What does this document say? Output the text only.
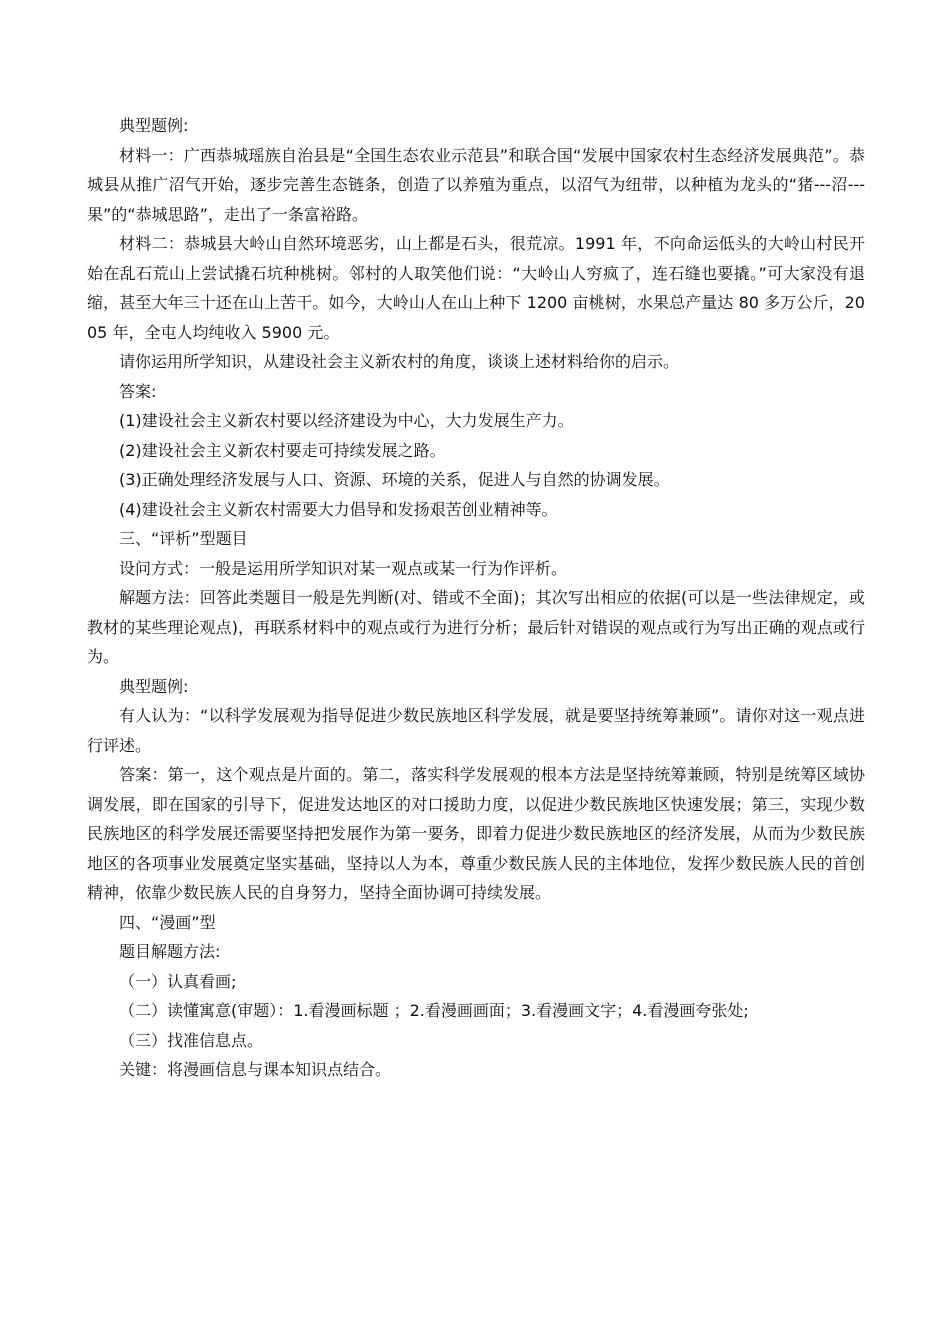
典型题例:

材料一：广西恭城瑶族自治县是“全国生态农业示范县”和联合国“发展中国家农村生态经济发展典范”。恭城县从推广沼气开始，逐步完善生态链条，创造了以养殖为重点，以沼气为纽带，以种植为龙头的“猪---沼---果”的“恭城思路”，走出了一条富裕路。

材料二：恭城县大岭山自然环境恶劣，山上都是石头，很荒凉。1991 年，不向命运低头的大岭山村民开始在乱石荒山上尝试撬石坑种桃树。邻村的人取笑他们说：“大岭山人穷疯了，连石缝也要撬。”可大家没有退缩，甚至大年三十还在山上苦干。如今，大岭山人在山上种下 1200 亩桃树，水果总产量达 80 多万公斤，2005 年，全屯人均纯收入 5900 元。

请你运用所学知识，从建设社会主义新农村的角度，谈谈上述材料给你的启示。

答案:

(1)建设社会主义新农村要以经济建设为中心，大力发展生产力。

(2)建设社会主义新农村要走可持续发展之路。

(3)正确处理经济发展与人口、资源、环境的关系，促进人与自然的协调发展。

(4)建设社会主义新农村需要大力倡导和发扬艰苦创业精神等。

三、“评析”型题目

设问方式：一般是运用所学知识对某一观点或某一行为作评析。

解题方法：回答此类题目一般是先判断(对、错或不全面)；其次写出相应的依据(可以是一些法律规定，或教材的某些理论观点)，再联系材料中的观点或行为进行分析；最后针对错误的观点或行为写出正确的观点或行为。

典型题例:

有人认为：“以科学发展观为指导促进少数民族地区科学发展，就是要坚持统筹兼顾”。请你对这一观点进行评述。

答案：第一，这个观点是片面的。第二，落实科学发展观的根本方法是坚持统筹兼顾，特别是统筹区域协调发展，即在国家的引导下，促进发达地区的对口援助力度，以促进少数民族地区快速发展；第三，实现少数民族地区的科学发展还需要坚持把发展作为第一要务，即着力促进少数民族地区的经济发展，从而为少数民族地区的各项事业发展奠定坚实基础，坚持以人为本，尊重少数民族人民的主体地位，发挥少数民族人民的首创精神，依靠少数民族人民的自身努力，坚持全面协调可持续发展。

四、“漫画”型

题目解题方法:

（一）认真看画;

（二）读懂寓意(审题）：1.看漫画标题 ；2.看漫画画面；3.看漫画文字；4.看漫画夸张处;

（三）找准信息点。

关键：将漫画信息与课本知识点结合。
